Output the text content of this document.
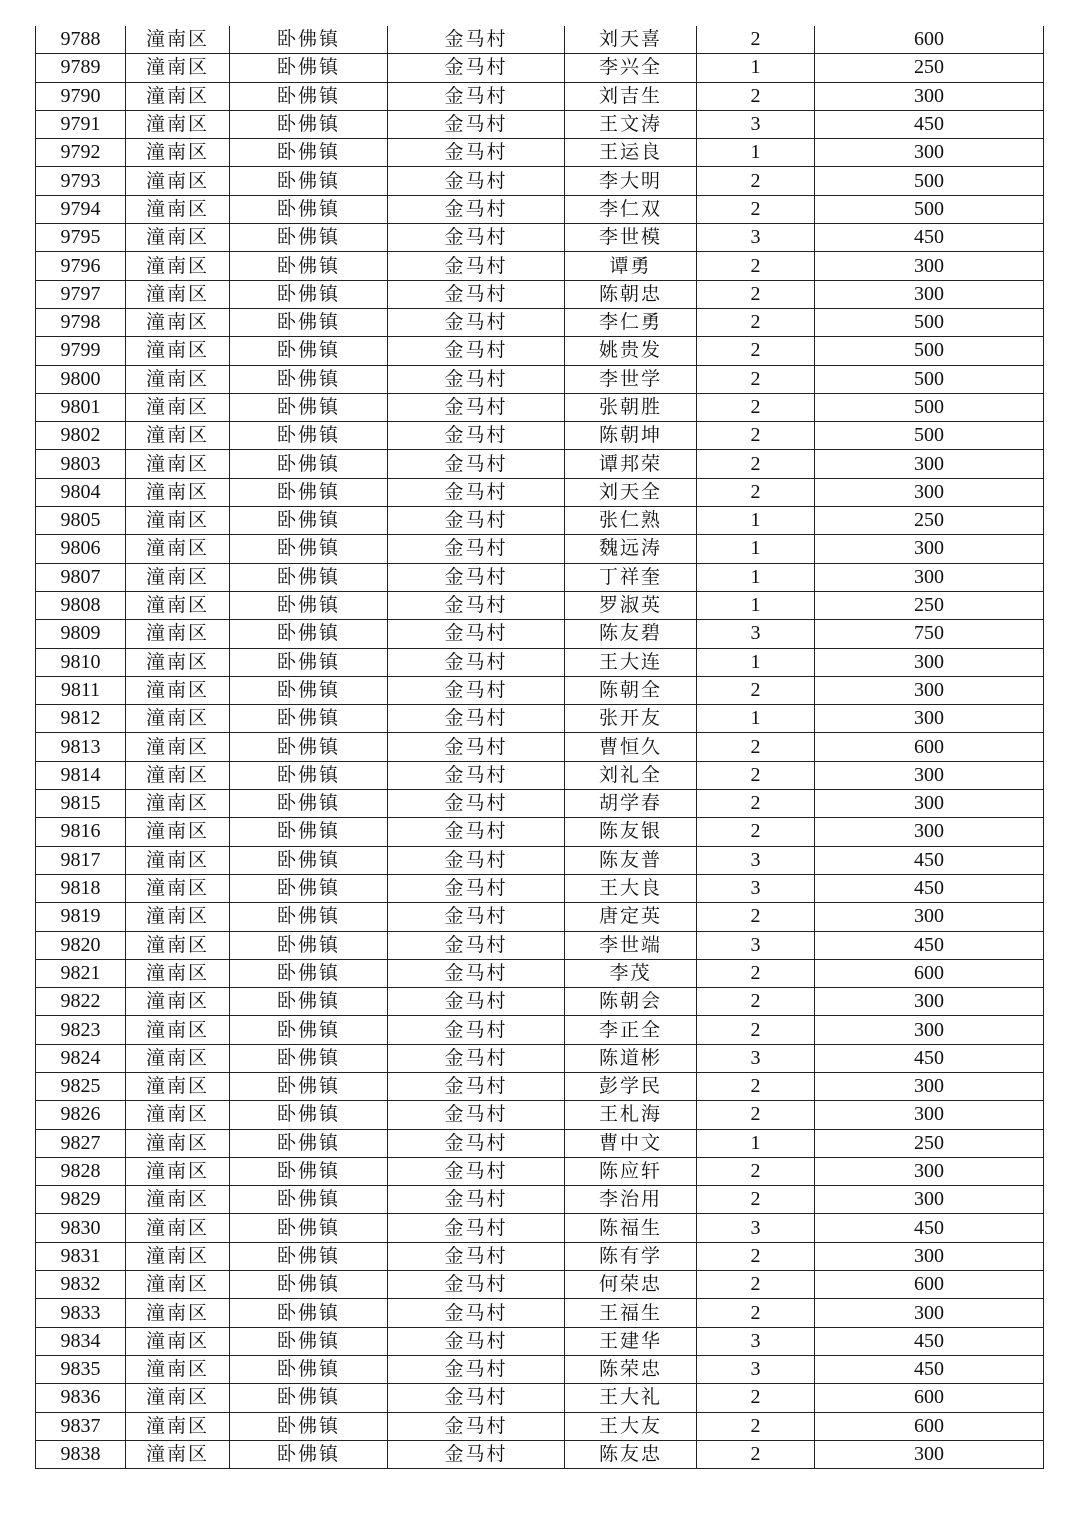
9788	潼南区	卧佛镇	金马村	刘天喜	2	600
9789	潼南区	卧佛镇	金马村	李兴全	1	250
9790	潼南区	卧佛镇	金马村	刘吉生	2	300
9791	潼南区	卧佛镇	金马村	王文涛	3	450
9792	潼南区	卧佛镇	金马村	王运良	1	300
9793	潼南区	卧佛镇	金马村	李大明	2	500
9794	潼南区	卧佛镇	金马村	李仁双	2	500
9795	潼南区	卧佛镇	金马村	李世模	3	450
9796	潼南区	卧佛镇	金马村	谭勇	2	300
9797	潼南区	卧佛镇	金马村	陈朝忠	2	300
9798	潼南区	卧佛镇	金马村	李仁勇	2	500
9799	潼南区	卧佛镇	金马村	姚贵发	2	500
9800	潼南区	卧佛镇	金马村	李世学	2	500
9801	潼南区	卧佛镇	金马村	张朝胜	2	500
9802	潼南区	卧佛镇	金马村	陈朝坤	2	500
9803	潼南区	卧佛镇	金马村	谭邦荣	2	300
9804	潼南区	卧佛镇	金马村	刘天全	2	300
9805	潼南区	卧佛镇	金马村	张仁熟	1	250
9806	潼南区	卧佛镇	金马村	魏远涛	1	300
9807	潼南区	卧佛镇	金马村	丁祥奎	1	300
9808	潼南区	卧佛镇	金马村	罗淑英	1	250
9809	潼南区	卧佛镇	金马村	陈友碧	3	750
9810	潼南区	卧佛镇	金马村	王大连	1	300
9811	潼南区	卧佛镇	金马村	陈朝全	2	300
9812	潼南区	卧佛镇	金马村	张开友	1	300
9813	潼南区	卧佛镇	金马村	曹恒久	2	600
9814	潼南区	卧佛镇	金马村	刘礼全	2	300
9815	潼南区	卧佛镇	金马村	胡学春	2	300
9816	潼南区	卧佛镇	金马村	陈友银	2	300
9817	潼南区	卧佛镇	金马村	陈友普	3	450
9818	潼南区	卧佛镇	金马村	王大良	3	450
9819	潼南区	卧佛镇	金马村	唐定英	2	300
9820	潼南区	卧佛镇	金马村	李世端	3	450
9821	潼南区	卧佛镇	金马村	李茂	2	600
9822	潼南区	卧佛镇	金马村	陈朝会	2	300
9823	潼南区	卧佛镇	金马村	李正全	2	300
9824	潼南区	卧佛镇	金马村	陈道彬	3	450
9825	潼南区	卧佛镇	金马村	彭学民	2	300
9826	潼南区	卧佛镇	金马村	王札海	2	300
9827	潼南区	卧佛镇	金马村	曹中文	1	250
9828	潼南区	卧佛镇	金马村	陈应轩	2	300
9829	潼南区	卧佛镇	金马村	李治用	2	300
9830	潼南区	卧佛镇	金马村	陈福生	3	450
9831	潼南区	卧佛镇	金马村	陈有学	2	300
9832	潼南区	卧佛镇	金马村	何荣忠	2	600
9833	潼南区	卧佛镇	金马村	王福生	2	300
9834	潼南区	卧佛镇	金马村	王建华	3	450
9835	潼南区	卧佛镇	金马村	陈荣忠	3	450
9836	潼南区	卧佛镇	金马村	王大礼	2	600
9837	潼南区	卧佛镇	金马村	王大友	2	600
9838	潼南区	卧佛镇	金马村	陈友忠	2	300
